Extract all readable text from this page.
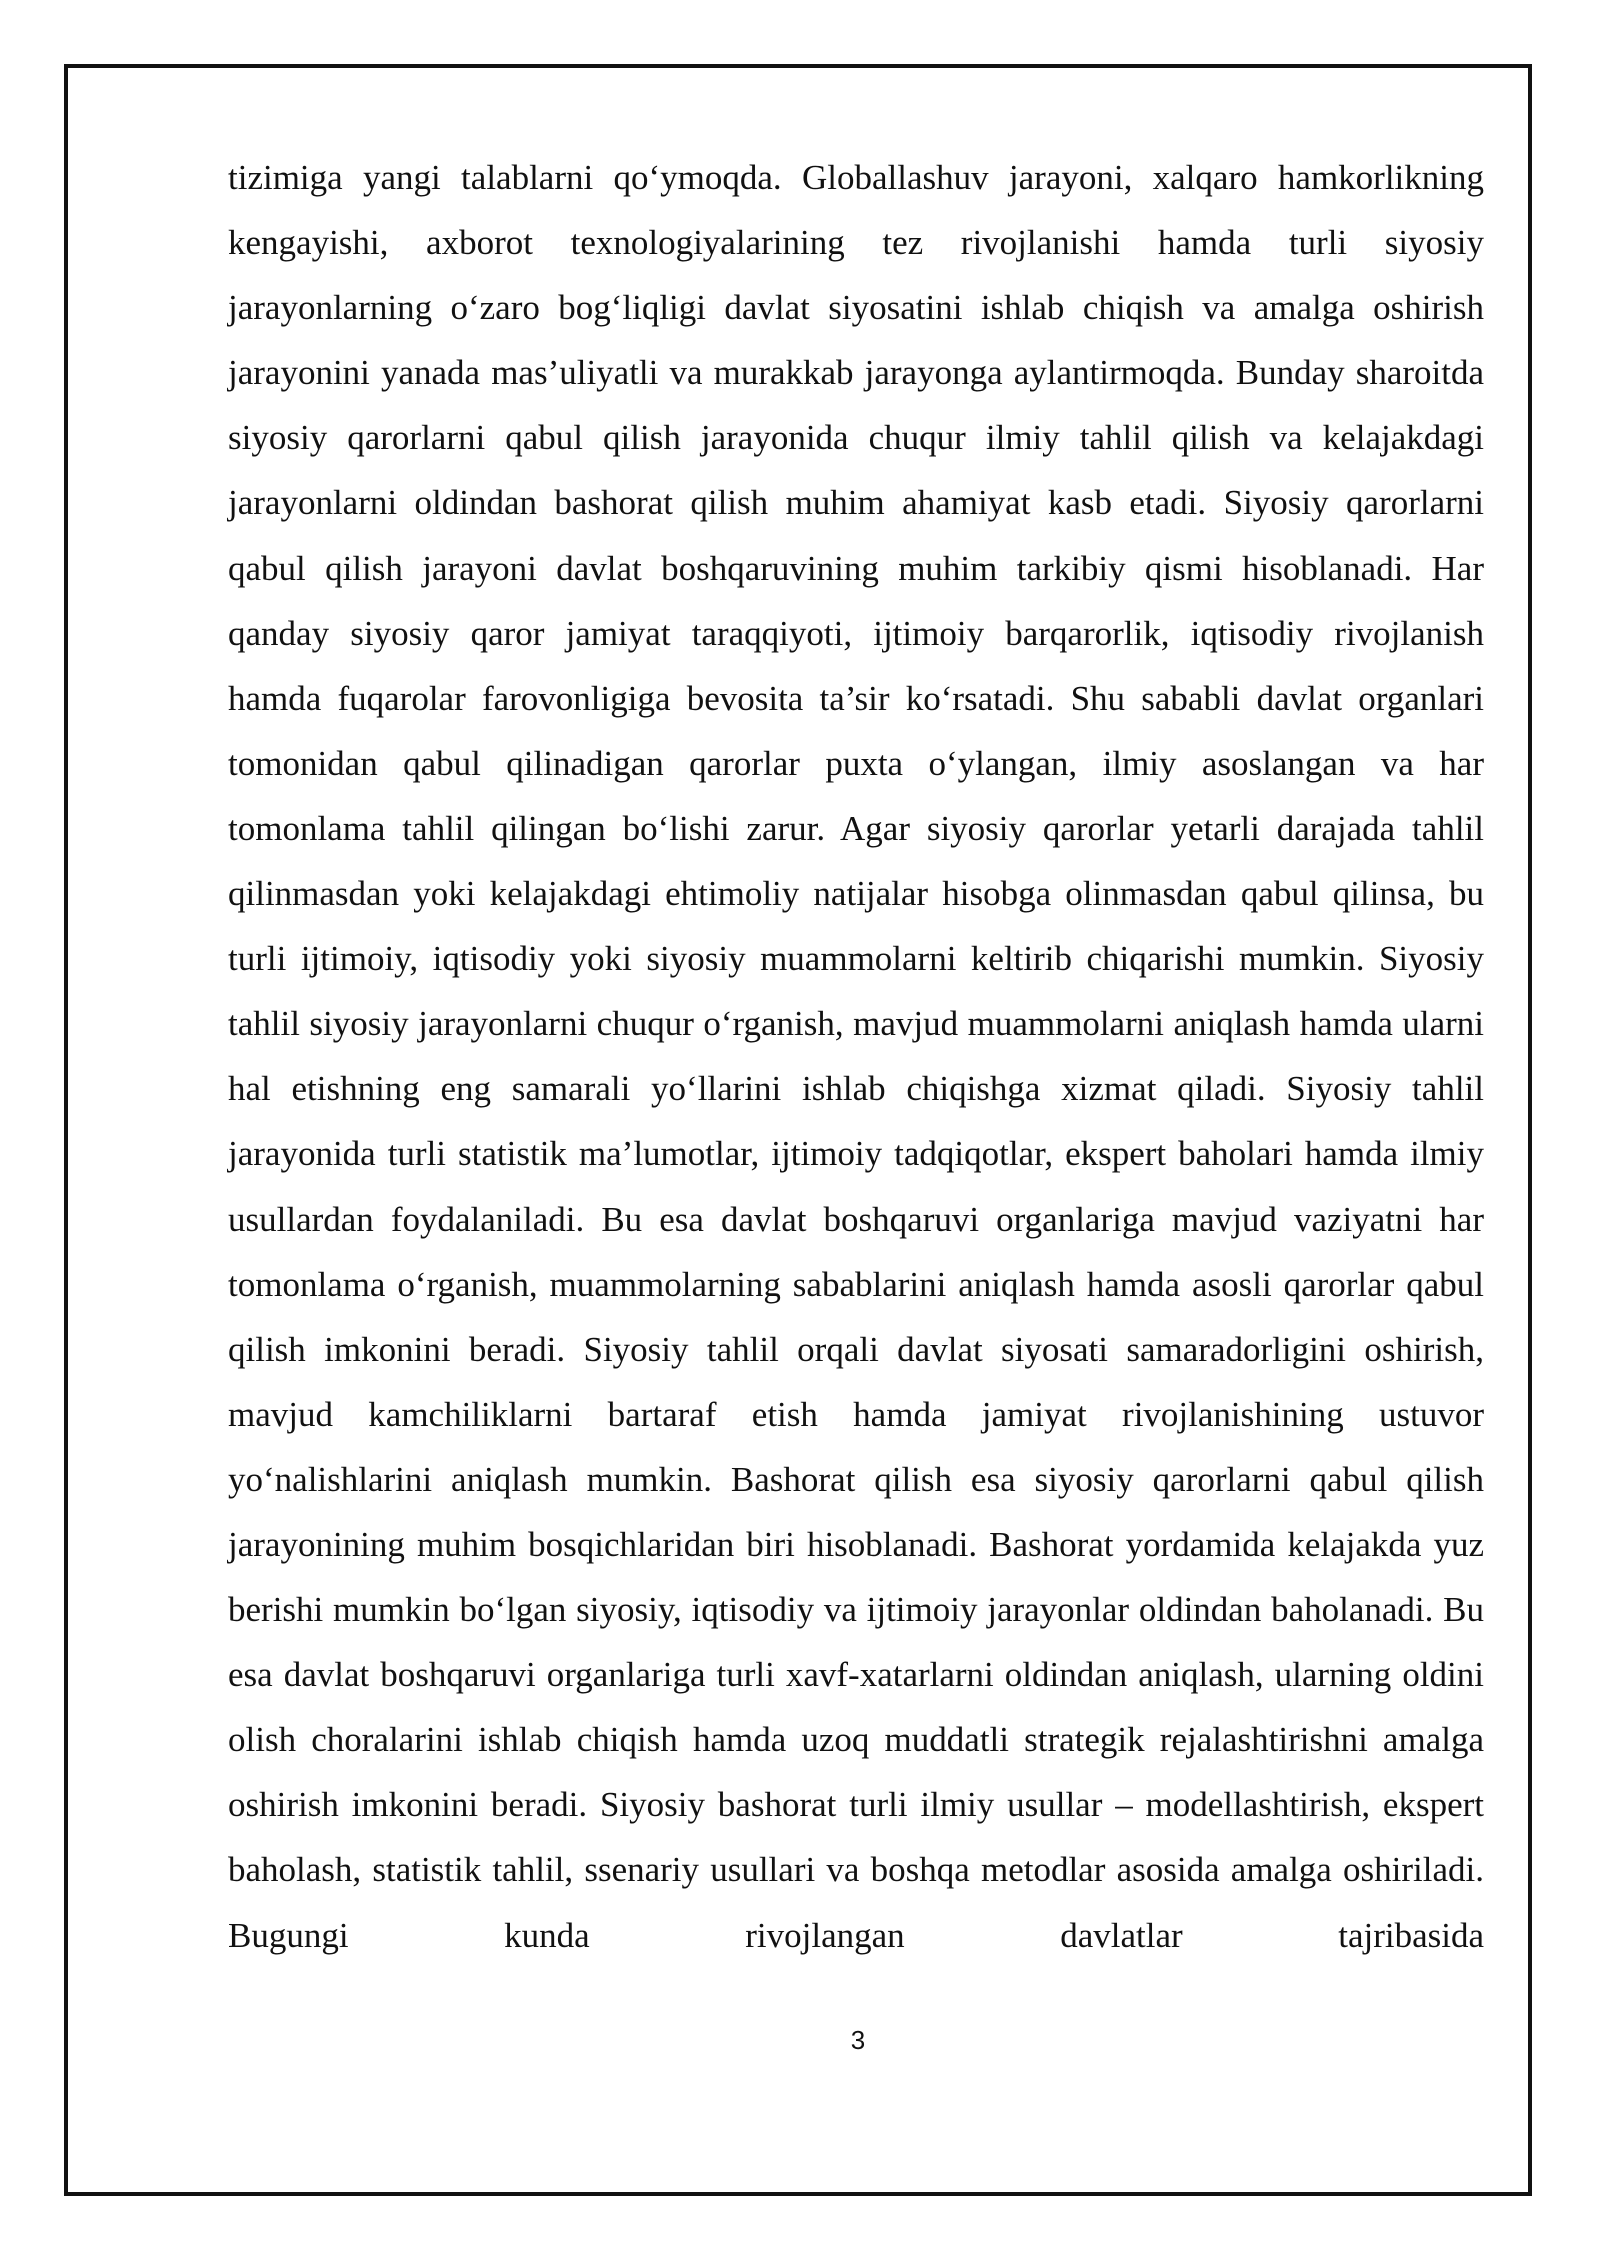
tizimiga yangi talablarni qo‘ymoqda. Globallashuv jarayoni, xalqaro hamkorlikning kengayishi, axborot texnologiyalarining tez rivojlanishi hamda turli siyosiy jarayonlarning o‘zaro bog‘liqligi davlat siyosatini ishlab chiqish va amalga oshirish jarayonini yanada mas’uliyatli va murakkab jarayonga aylantirmoqda. Bunday sharoitda siyosiy qarorlarni qabul qilish jarayonida chuqur ilmiy tahlil qilish va kelajakdagi jarayonlarni oldindan bashorat qilish muhim ahamiyat kasb etadi. Siyosiy qarorlarni qabul qilish jarayoni davlat boshqaruvining muhim tarkibiy qismi hisoblanadi. Har qanday siyosiy qaror jamiyat taraqqiyoti, ijtimoiy barqarorlik, iqtisodiy rivojlanish hamda fuqarolar farovonligiga bevosita ta’sir ko‘rsatadi. Shu sababli davlat organlari tomonidan qabul qilinadigan qarorlar puxta o‘ylangan, ilmiy asoslangan va har tomonlama tahlil qilingan bo‘lishi zarur. Agar siyosiy qarorlar yetarli darajada tahlil qilinmasdan yoki kelajakdagi ehtimoliy natijalar hisobga olinmasdan qabul qilinsa, bu turli ijtimoiy, iqtisodiy yoki siyosiy muammolarni keltirib chiqarishi mumkin. Siyosiy tahlil siyosiy jarayonlarni chuqur o‘rganish, mavjud muammolarni aniqlash hamda ularni hal etishning eng samarali yo‘llarini ishlab chiqishga xizmat qiladi. Siyosiy tahlil jarayonida turli statistik ma’lumotlar, ijtimoiy tadqiqotlar, ekspert baholari hamda ilmiy usullardan foydalaniladi. Bu esa davlat boshqaruvi organlariga mavjud vaziyatni har tomonlama o‘rganish, muammolarning sabablarini aniqlash hamda asosli qarorlar qabul qilish imkonini beradi. Siyosiy tahlil orqali davlat siyosati samaradorligini oshirish, mavjud kamchiliklarni bartaraf etish hamda jamiyat rivojlanishining ustuvor yo‘nalishlarini aniqlash mumkin. Bashorat qilish esa siyosiy qarorlarni qabul qilish jarayonining muhim bosqichlaridan biri hisoblanadi. Bashorat yordamida kelajakda yuz berishi mumkin bo‘lgan siyosiy, iqtisodiy va ijtimoiy jarayonlar oldindan baholanadi. Bu esa davlat boshqaruvi organlariga turli xavf-xatarlarni oldindan aniqlash, ularning oldini olish choralarini ishlab chiqish hamda uzoq muddatli strategik rejalashtirishni amalga oshirish imkonini beradi. Siyosiy bashorat turli ilmiy usullar – modellashtirish, ekspert baholash, statistik tahlil, ssenariy usullari va boshqa metodlar asosida amalga oshiriladi. Bugungi kunda rivojlangan davlatlar tajribasida

3
